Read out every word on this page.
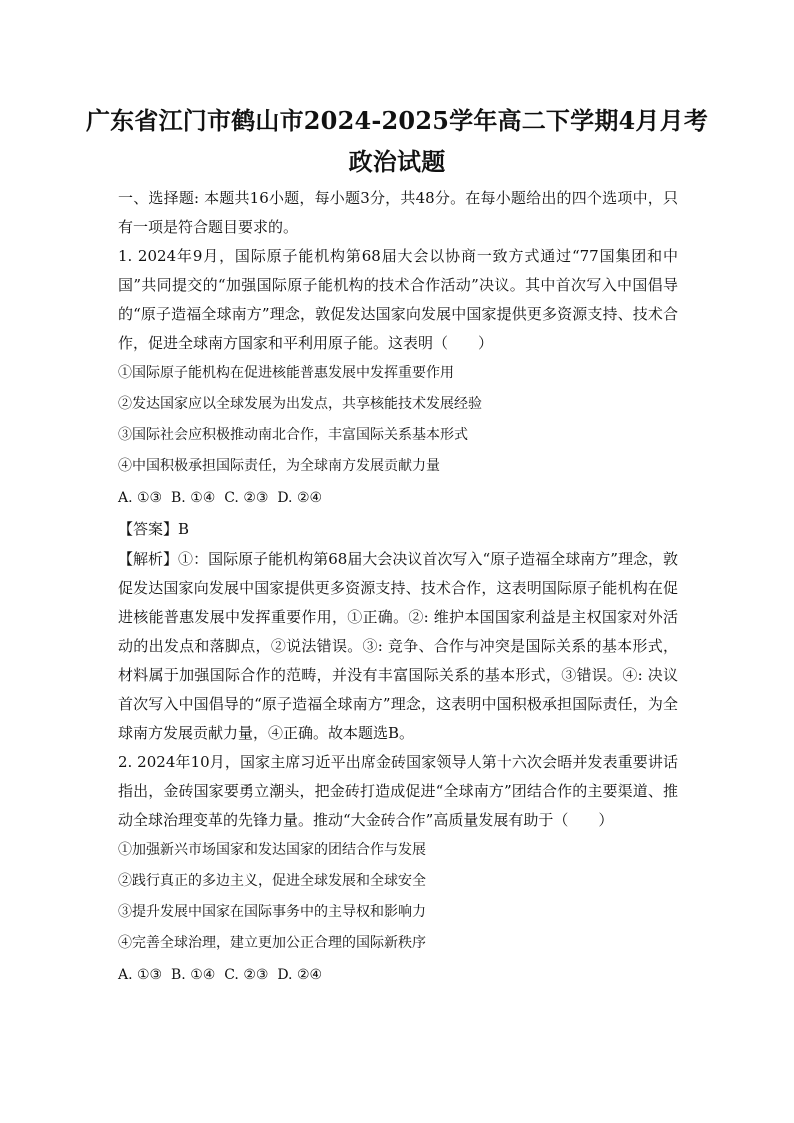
广东省江门市鹤山市2024-2025学年高二下学期4月月考
政治试题

一、选择题: 本题共16小题，每小题3分，共48分。在每小题给出的四个选项中，只有一项是符合题目要求的。

1. 2024年9月，国际原子能机构第68届大会以协商一致方式通过“77国集团和中国”共同提交的“加强国际原子能机构的技术合作活动”决议。其中首次写入中国倡导的“原子造福全球南方”理念，敦促发达国家向发展中国家提供更多资源支持、技术合作，促进全球南方国家和平利用原子能。这表明（　　）

①国际原子能机构在促进核能普惠发展中发挥重要作用

②发达国家应以全球发展为出发点，共享核能技术发展经验

③国际社会应积极推动南北合作，丰富国际关系基本形式

④中国积极承担国际责任，为全球南方发展贡献力量

A. ①③  B. ①④  C. ②③  D. ②④

【答案】B

【解析】①：国际原子能机构第68届大会决议首次写入“原子造福全球南方”理念，敦促发达国家向发展中国家提供更多资源支持、技术合作，这表明国际原子能机构在促进核能普惠发展中发挥重要作用，①正确。②: 维护本国国家利益是主权国家对外活动的出发点和落脚点，②说法错误。③: 竞争、合作与冲突是国际关系的基本形式，材料属于加强国际合作的范畴，并没有丰富国际关系的基本形式，③错误。④: 决议首次写入中国倡导的“原子造福全球南方”理念，这表明中国积极承担国际责任，为全球南方发展贡献力量，④正确。故本题选B。

2. 2024年10月，国家主席习近平出席金砖国家领导人第十六次会晤并发表重要讲话指出，金砖国家要勇立潮头，把金砖打造成促进“全球南方”团结合作的主要渠道、推动全球治理变革的先锋力量。推动“大金砖合作”高质量发展有助于（　　）

①加强新兴市场国家和发达国家的团结合作与发展

②践行真正的多边主义，促进全球发展和全球安全

③提升发展中国家在国际事务中的主导权和影响力

④完善全球治理，建立更加公正合理的国际新秩序

A. ①③  B. ①④  C. ②③  D. ②④
